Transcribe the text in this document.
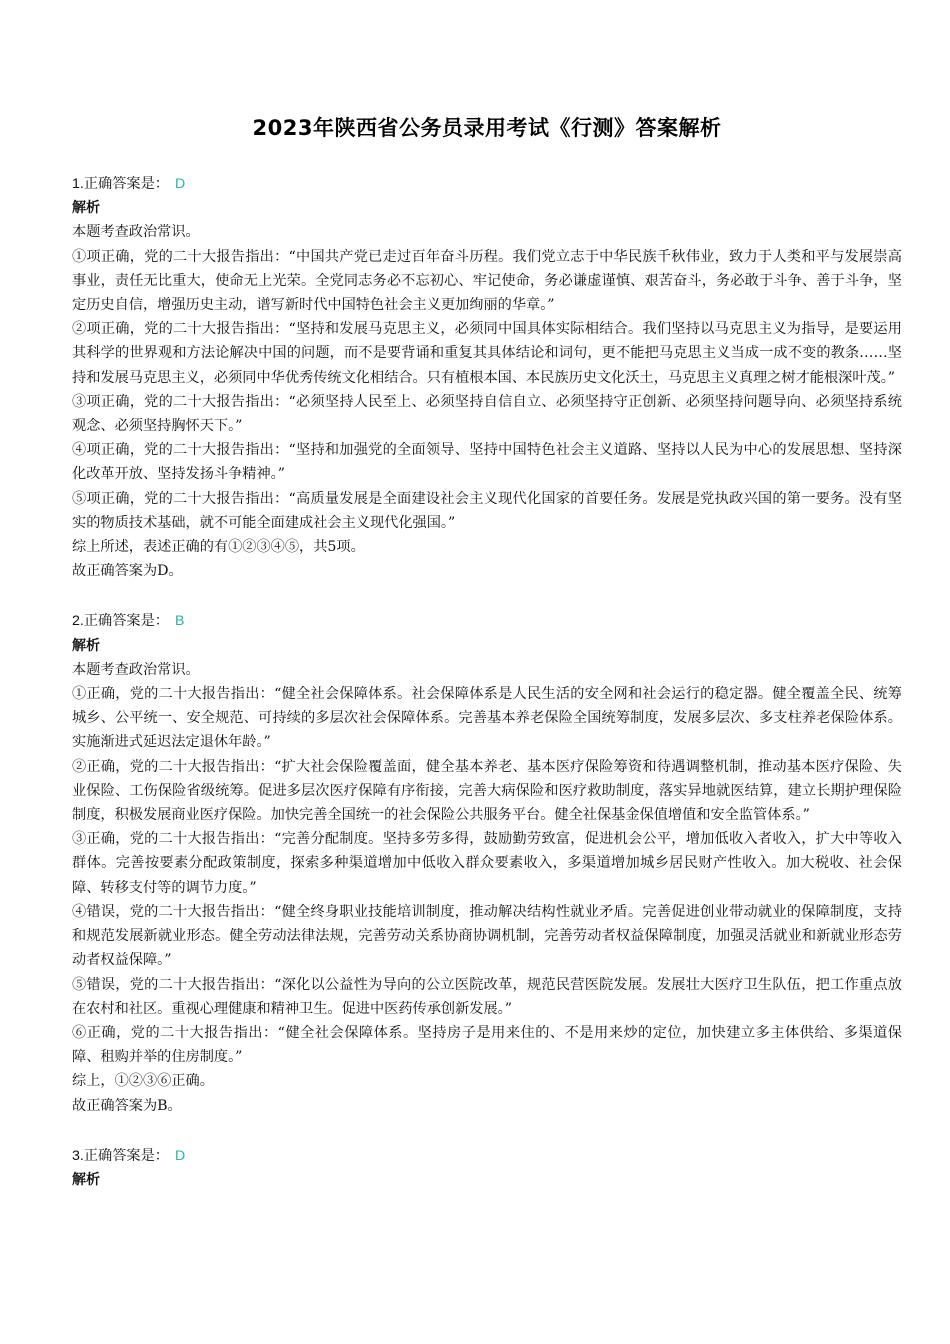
2023年陕西省公务员录用考试《行测》答案解析

1.正确答案是： D

解析

本题考查政治常识。

①项正确，党的二十大报告指出：“中国共产党已走过百年奋斗历程。我们党立志于中华民族千秋伟业，致力于人类和平与发展崇高事业，责任无比重大，使命无上光荣。全党同志务必不忘初心、牢记使命，务必谦虚谨慎、艰苦奋斗，务必敢于斗争、善于斗争，坚定历史自信，增强历史主动，谱写新时代中国特色社会主义更加绚丽的华章。”

②项正确，党的二十大报告指出：“坚持和发展马克思主义，必须同中国具体实际相结合。我们坚持以马克思主义为指导，是要运用其科学的世界观和方法论解决中国的问题，而不是要背诵和重复其具体结论和词句，更不能把马克思主义当成一成不变的教条……坚持和发展马克思主义，必须同中华优秀传统文化相结合。只有植根本国、本民族历史文化沃土，马克思主义真理之树才能根深叶茂。”

③项正确，党的二十大报告指出：“必须坚持人民至上、必须坚持自信自立、必须坚持守正创新、必须坚持问题导向、必须坚持系统观念、必须坚持胸怀天下。”

④项正确，党的二十大报告指出：“坚持和加强党的全面领导、坚持中国特色社会主义道路、坚持以人民为中心的发展思想、坚持深化改革开放、坚持发扬斗争精神。”

⑤项正确，党的二十大报告指出：“高质量发展是全面建设社会主义现代化国家的首要任务。发展是党执政兴国的第一要务。没有坚实的物质技术基础，就不可能全面建成社会主义现代化强国。”

综上所述，表述正确的有①②③④⑤，共5项。

故正确答案为D。

2.正确答案是： B

解析

本题考查政治常识。

①正确，党的二十大报告指出：“健全社会保障体系。社会保障体系是人民生活的安全网和社会运行的稳定器。健全覆盖全民、统筹城乡、公平统一、安全规范、可持续的多层次社会保障体系。完善基本养老保险全国统筹制度，发展多层次、多支柱养老保险体系。实施渐进式延迟法定退休年龄。”

②正确，党的二十大报告指出：“扩大社会保险覆盖面，健全基本养老、基本医疗保险筹资和待遇调整机制，推动基本医疗保险、失业保险、工伤保险省级统筹。促进多层次医疗保障有序衔接，完善大病保险和医疗救助制度，落实异地就医结算，建立长期护理保险制度，积极发展商业医疗保险。加快完善全国统一的社会保险公共服务平台。健全社保基金保值增值和安全监管体系。”

③正确，党的二十大报告指出：“完善分配制度。坚持多劳多得，鼓励勤劳致富，促进机会公平，增加低收入者收入，扩大中等收入群体。完善按要素分配政策制度，探索多种渠道增加中低收入群众要素收入，多渠道增加城乡居民财产性收入。加大税收、社会保障、转移支付等的调节力度。”

④错误，党的二十大报告指出：“健全终身职业技能培训制度，推动解决结构性就业矛盾。完善促进创业带动就业的保障制度，支持和规范发展新就业形态。健全劳动法律法规，完善劳动关系协商协调机制，完善劳动者权益保障制度，加强灵活就业和新就业形态劳动者权益保障。”

⑤错误，党的二十大报告指出：“深化以公益性为导向的公立医院改革，规范民营医院发展。发展壮大医疗卫生队伍，把工作重点放在农村和社区。重视心理健康和精神卫生。促进中医药传承创新发展。”

⑥正确，党的二十大报告指出：“健全社会保障体系。坚持房子是用来住的、不是用来炒的定位，加快建立多主体供给、多渠道保障、租购并举的住房制度。”

综上，①②③⑥正确。

故正确答案为B。

3.正确答案是： D

解析
